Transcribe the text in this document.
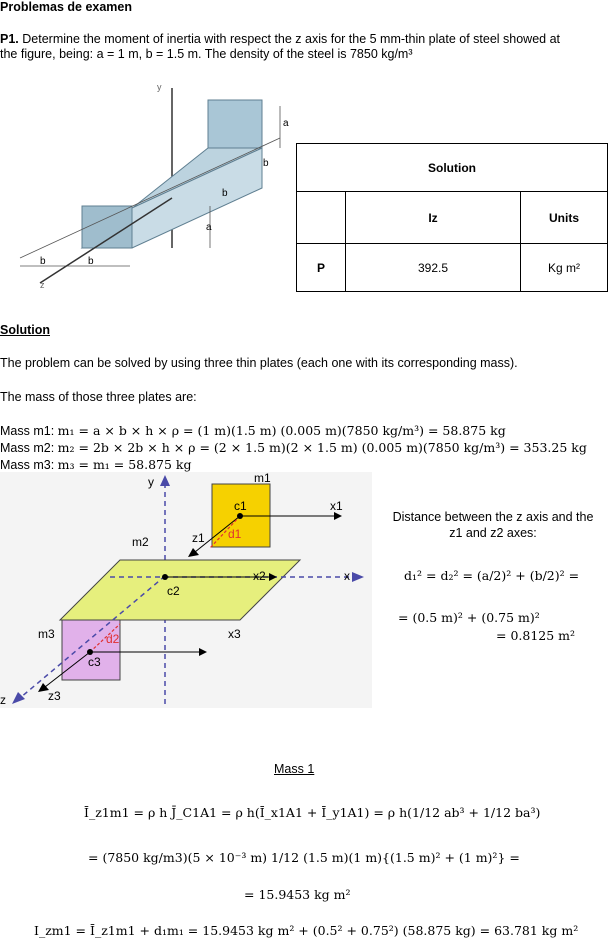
Problemas de examen
P1. Determine the moment of inertia with respect the z axis for the 5 mm-thin plate of steel showed at
the figure, being: a = 1 m, b = 1.5 m. The density of the steel is 7850 kg/m³
y
z
a
a
b
b
b	b
Solution		
	Iz	Units
P	392.5	Kg m²
Solution
The problem can be solved by using three thin plates (each one with its corresponding mass).
The mass of those three plates are:
Mass m1: m₁ = a × b × h × ρ = (1 m)(1.5 m) (0.005 m)(7850 kg/m³) = 58.875 kg
Mass m2: m₂ = 2b × 2b × h × ρ = (2 × 1.5 m)(2 × 1.5 m) (0.005 m)(7850 kg/m³) = 353.25 kg
Mass m3: m₃ = m₁ = 58.875 kg
y	m1
c1	x1
m2	z1 d1
x2	x
c2
m3	d2	x3
c3
z	z3
Distance between the z axis and the
z1 and z2 axes:
d₁² = d₂² = (a/2)² + (b/2)² =
= (0.5 m)² + (0.75 m)²
= 0.8125 m²
Mass 1
Ī_z1m1 = ρ h J̄_C1A1 = ρ h(Ī_x1A1 + Ī_y1A1) = ρ h(1/12 ab³ + 1/12 ba³)
= (7850 kg/m3)(5 × 10⁻³ m) 1/12 (1.5 m)(1 m){(1.5 m)² + (1 m)²} =
= 15.9453 kg m²
I_zm1 = Ī_z1m1 + d₁m₁ = 15.9453 kg m² + (0.5² + 0.75²) (58.875 kg) = 63.781 kg m²
